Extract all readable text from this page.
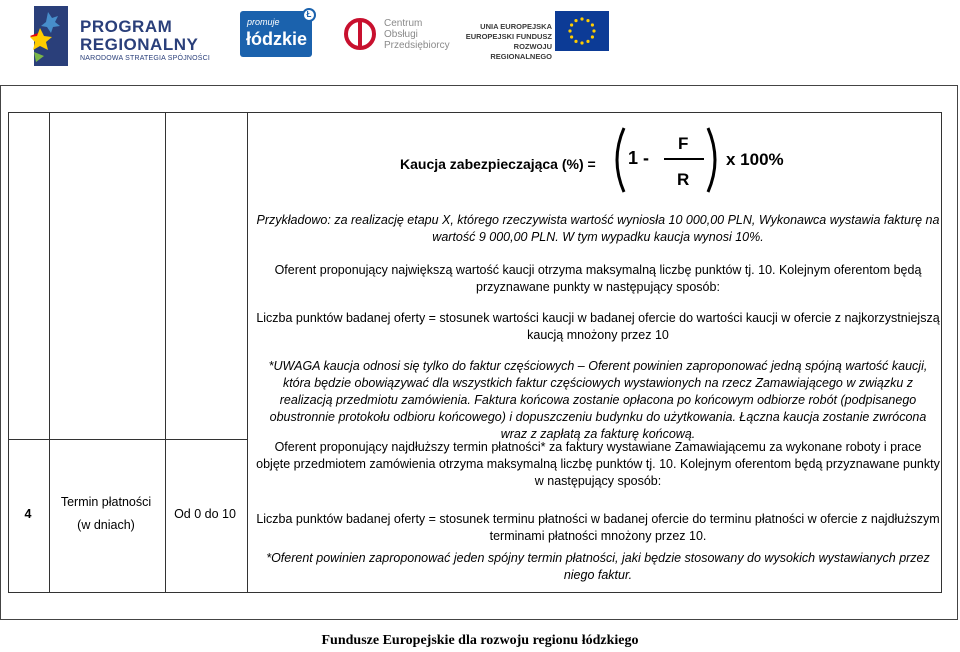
PROGRAM
REGIONALNY
NARODOWA STRATEGIA SPÓJNOŚCI
promuje
łódzkie
Ł
Centrum
Obsługi
Przedsiębiorcy
UNIA EUROPEJSKA
EUROPEJSKI FUNDUSZ
ROZWOJU REGIONALNEGO
Kaucja zabezpieczająca (%) = 1 -
F
R
x 100%
Przykładowo: za realizację etapu X, którego rzeczywista wartość wyniosła 10 000,00 PLN, Wykonawca wystawia fakturę na wartość 9 000,00 PLN. W tym wypadku kaucja wynosi 10%.
Oferent proponujący największą wartość kaucji otrzyma maksymalną liczbę punktów tj. 10. Kolejnym oferentom będą przyznawane punkty w następujący sposób:
Liczba punktów badanej oferty = stosunek wartości kaucji w badanej ofercie do wartości kaucji w ofercie z najkorzystniejszą kaucją mnożony przez 10
*UWAGA kaucja odnosi się tylko do faktur częściowych – Oferent powinien zaproponować jedną spójną wartość kaucji, która będzie obowiązywać dla wszystkich faktur częściowych wystawionych na rzecz Zamawiającego w związku z realizacją przedmiotu zamówienia. Faktura końcowa zostanie opłacona po końcowym odbiorze robót (podpisanego obustronnie protokołu odbioru końcowego) i dopuszczeniu budynku do użytkowania. Łączna kaucja zostanie zwrócona wraz z zapłatą za fakturę końcową.
4
Termin płatności
(w dniach)
Od 0 do 10
Oferent proponujący najdłuższy termin płatności* za faktury wystawiane Zamawiającemu za wykonane roboty i prace objęte przedmiotem zamówienia otrzyma maksymalną liczbę punktów tj. 10. Kolejnym oferentom będą przyznawane punkty w następujący sposób:
Liczba punktów badanej oferty = stosunek terminu płatności w badanej ofercie do terminu płatności w ofercie z najdłuższym terminami płatności mnożony przez 10.
*Oferent powinien zaproponować jeden spójny termin płatności, jaki będzie stosowany do wysokich wystawianych przez niego faktur.
Fundusze Europejskie dla rozwoju regionu łódzkiego
